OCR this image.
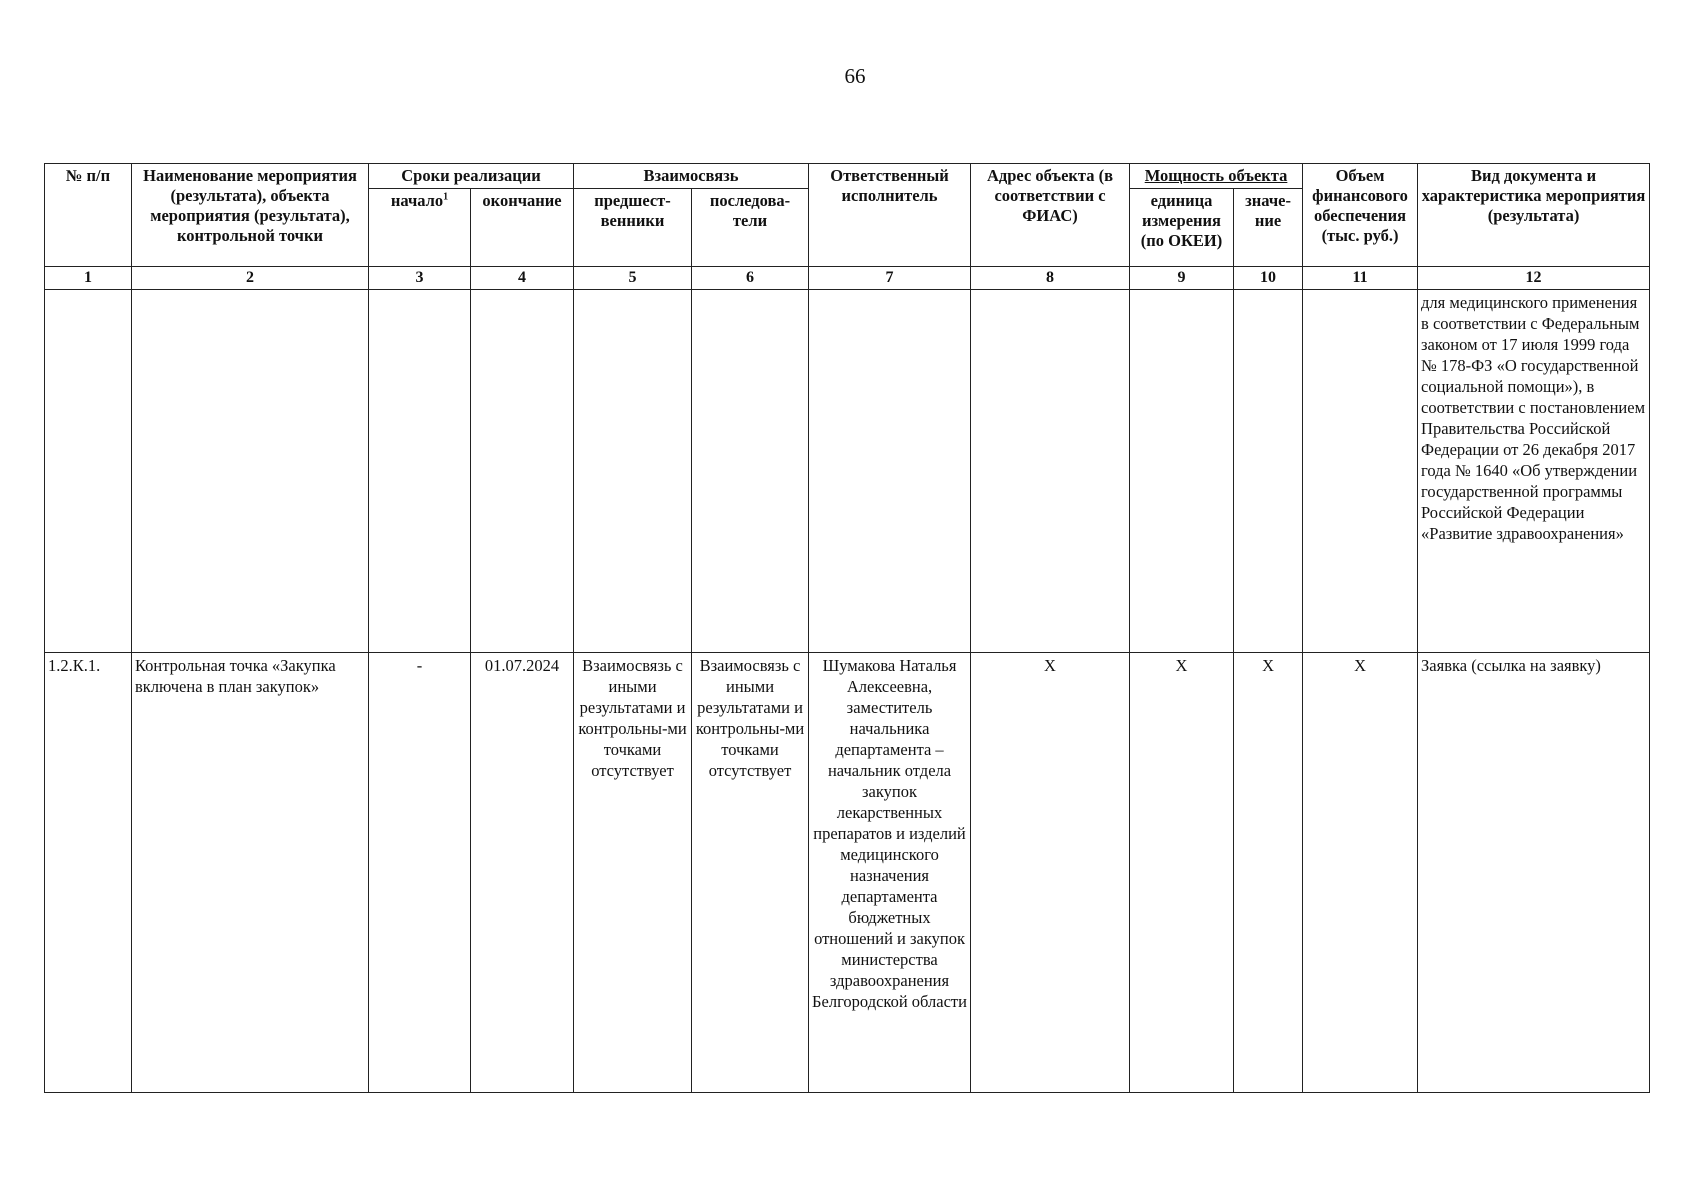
66
№ п/п	Наименование мероприятия (результата), объекта мероприятия (результата), контрольной точки	Сроки реализации		Взаимосвязь		Ответственный исполнитель	Адрес объекта (в соответствии с ФИАС)	Мощность объекта		Объем финансового обеспечения (тыс. руб.)	Вид документа и характеристика мероприятия (результата)
		начало$^1$	окончание	предшест-венники	последова-тели			единица измерения (по ОКЕИ)	значе-ние		
1	2	3	4	5	6	7	8	9	10	11	12
											для медицинского применения в соответствии с Федеральным законом от 17 июля 1999 года № 178-ФЗ «О государственной социальной помощи»), в соответствии с постановлением Правительства Российской Федерации от 26 декабря 2017 года № 1640 «Об утверждении государственной программы Российской Федерации «Развитие здравоохранения»
1.2.К.1.	Контрольная точка «Закупка включена в план закупок»	-	01.07.2024	Взаимосвязь с иными результатами и контрольны-ми точками отсутствует	Взаимосвязь с иными результатами и контрольны-ми точками отсутствует	Шумакова Наталья Алексеевна, заместитель начальника департамента – начальник отдела закупок лекарственных препаратов и изделий медицинского назначения департамента бюджетных отношений и закупок министерства здравоохранения Белгородской области	Х	Х	Х	Х	Заявка (ссылка на заявку)
